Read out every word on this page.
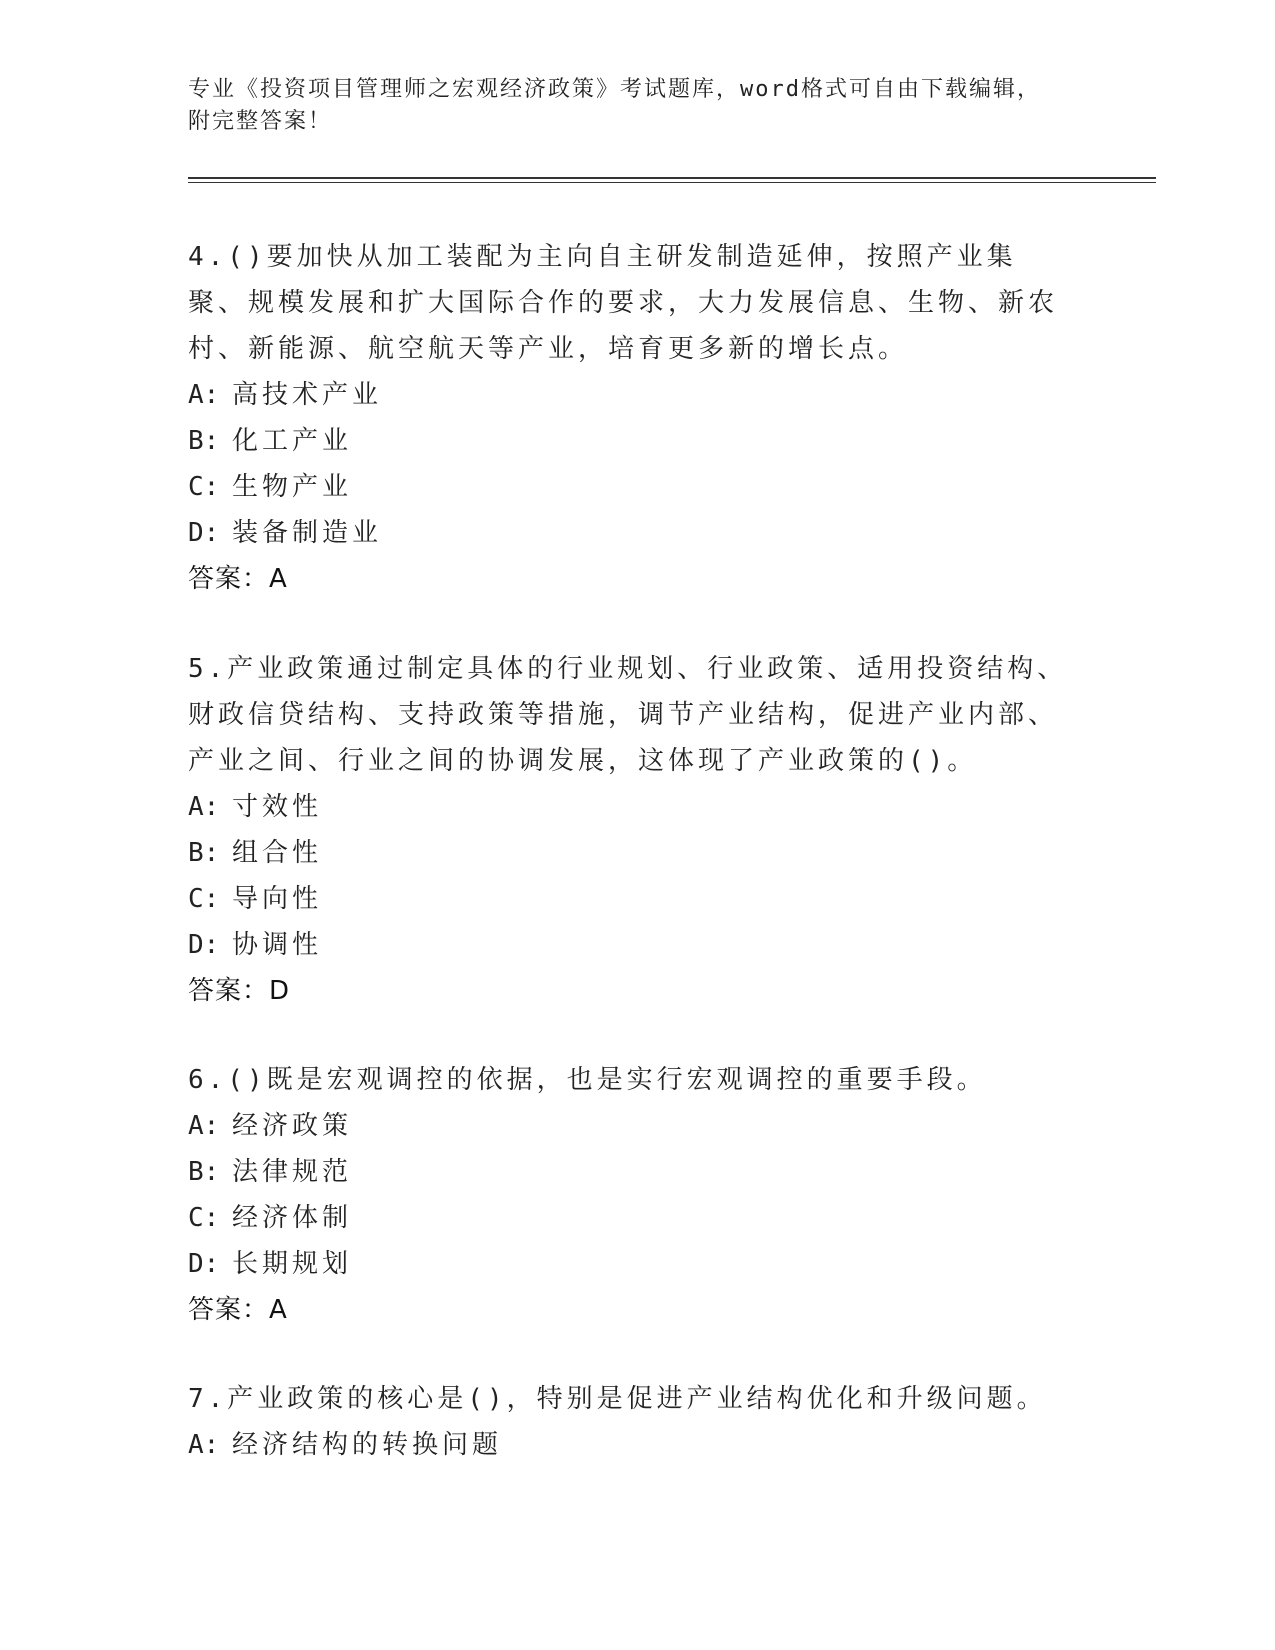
专业《投资项目管理师之宏观经济政策》考试题库，word格式可自由下载编辑，
附完整答案！

4.()要加快从加工装配为主向自主研发制造延伸，按照产业集聚、规模发展和扩大国际合作的要求，大力发展信息、生物、新农村、新能源、航空航天等产业，培育更多新的增长点。

A: 高技术产业
B: 化工产业
C: 生物产业
D: 装备制造业
答案：A

5.产业政策通过制定具体的行业规划、行业政策、适用投资结构、财政信贷结构、支持政策等措施，调节产业结构，促进产业内部、产业之间、行业之间的协调发展，这体现了产业政策的()。

A: 寸效性
B: 组合性
C: 导向性
D: 协调性
答案：D

6.()既是宏观调控的依据，也是实行宏观调控的重要手段。

A: 经济政策
B: 法律规范
C: 经济体制
D: 长期规划
答案：A

7.产业政策的核心是()，特别是促进产业结构优化和升级问题。

A: 经济结构的转换问题
